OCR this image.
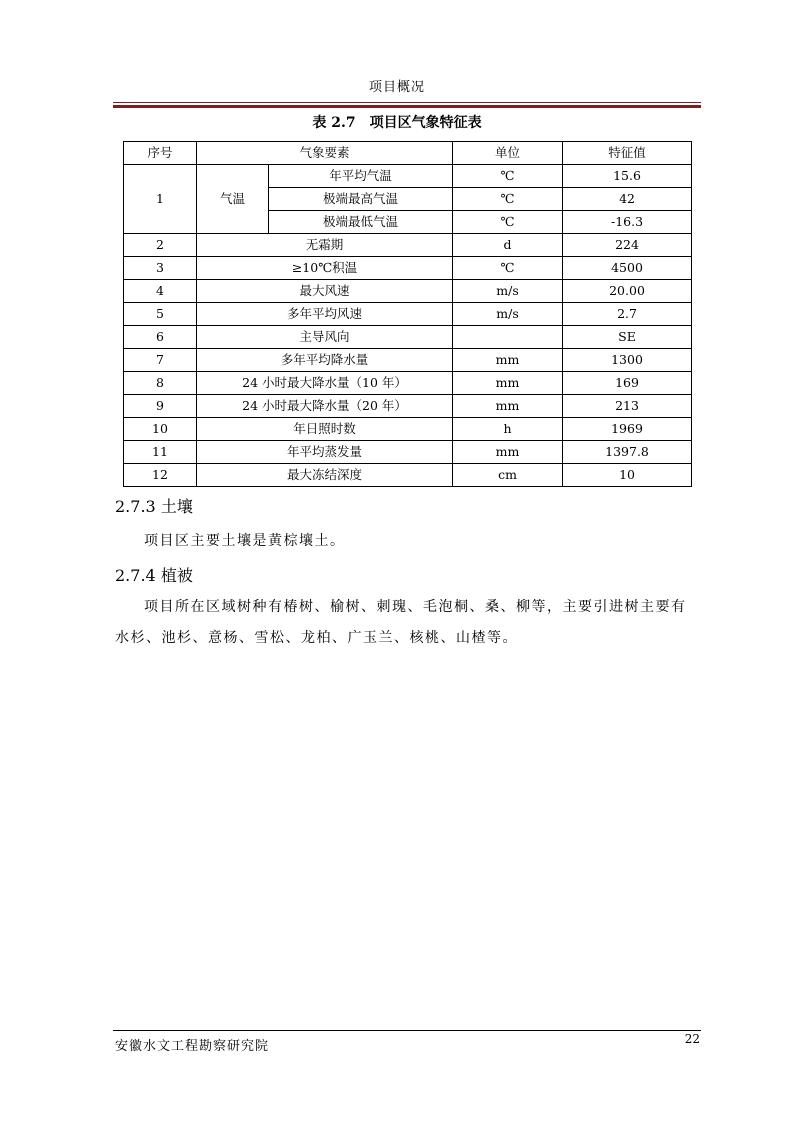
项目概况
表 2.7　项目区气象特征表
序号	气象要素		单位	特征值
1	气温	年平均气温	℃	15.6
		极端最高气温	℃	42
		极端最低气温	℃	-16.3
2	无霜期		d	224
3	≥10℃积温		℃	4500
4	最大风速		m/s	20.00
5	多年平均风速		m/s	2.7
6	主导风向			SE
7	多年平均降水量		mm	1300
8	24 小时最大降水量（10 年）		mm	169
9	24 小时最大降水量（20 年）		mm	213
10	年日照时数		h	1969
11	年平均蒸发量		mm	1397.8
12	最大冻结深度		cm	10
2.7.3 土壤
项目区主要土壤是黄棕壤土。
2.7.4 植被
项目所在区域树种有椿树、榆树、刺瑰、毛泡桐、桑、柳等，主要引进树主要有水杉、池杉、意杨、雪松、龙柏、广玉兰、核桃、山楂等。
安徽水文工程勘察研究院	22
